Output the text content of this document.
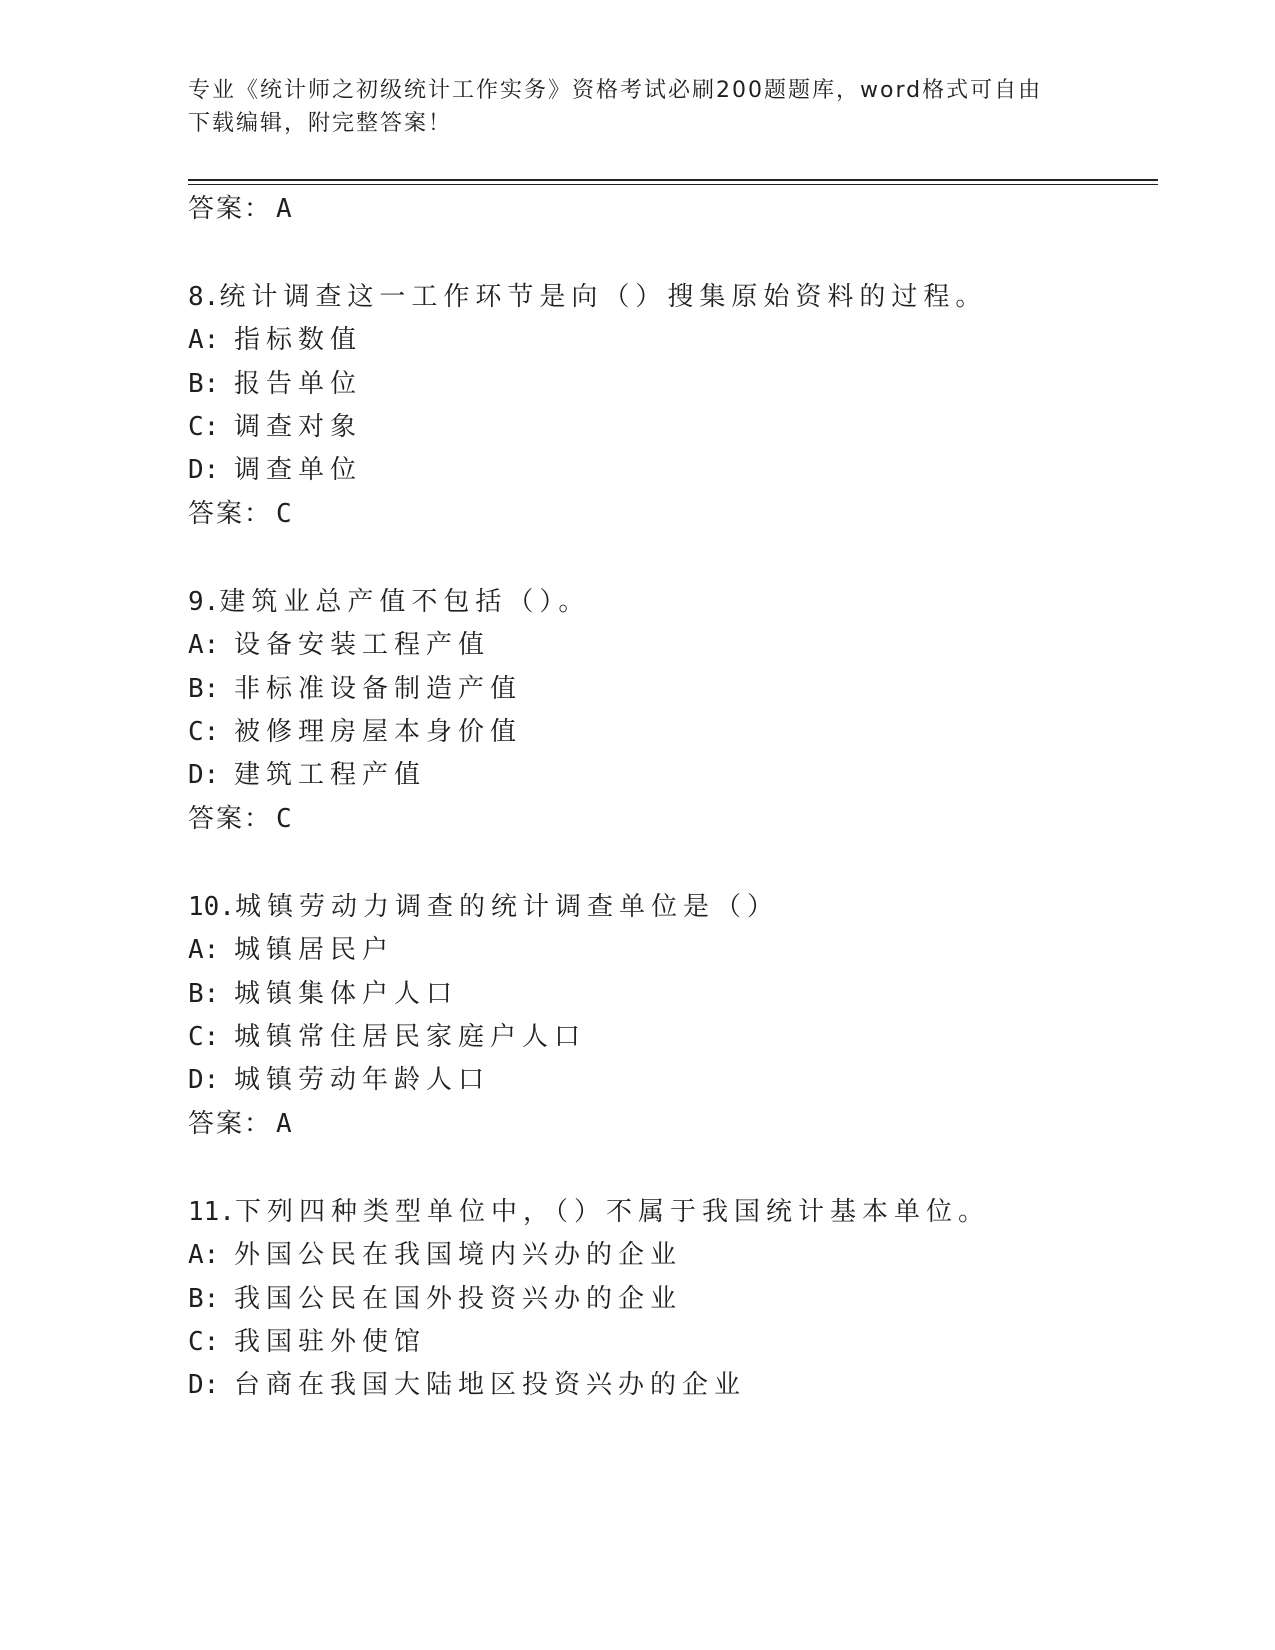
专业《统计师之初级统计工作实务》资格考试必刷200题题库，word格式可自由
下载编辑，附完整答案！
答案： A
8.统计调查这一工作环节是向（）搜集原始资料的过程。
A: 指标数值
B: 报告单位
C: 调查对象
D: 调查单位
答案： C
9.建筑业总产值不包括（）。
A: 设备安装工程产值
B: 非标准设备制造产值
C: 被修理房屋本身价值
D: 建筑工程产值
答案： C
10.城镇劳动力调查的统计调查单位是（）
A: 城镇居民户
B: 城镇集体户人口
C: 城镇常住居民家庭户人口
D: 城镇劳动年龄人口
答案： A
11.下列四种类型单位中，（）不属于我国统计基本单位。
A: 外国公民在我国境内兴办的企业
B: 我国公民在国外投资兴办的企业
C: 我国驻外使馆
D: 台商在我国大陆地区投资兴办的企业
